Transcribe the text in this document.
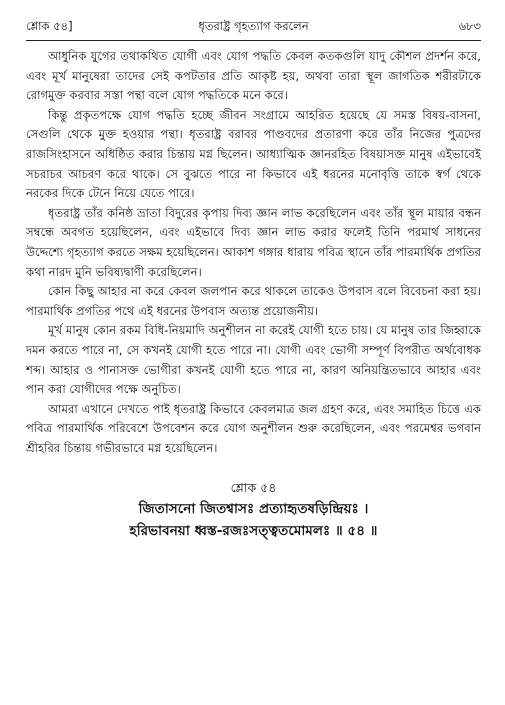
শ্লোক ৫৪]	ধৃতরাষ্ট্র গৃহত্যাগ করলেন	৬৮৩

আধুনিক যুগের তথাকথিত যোগী এবং যোগ পদ্ধতি কেবল কতকগুলি যাদু কৌশল প্রদর্শন করে, এবং মূর্খ মানুষেরা তাদের সেই কপটতার প্রতি আকৃষ্ট হয়, অথবা তারা স্থূল জাগতিক শরীরটাকে রোগমুক্ত করবার সস্তা পন্থা বলে যোগ পদ্ধতিকে মনে করে।

কিন্তু প্রকৃতপক্ষে যোগ পদ্ধতি হচ্ছে জীবন সংগ্রামে আহরিত হয়েছে যে সমস্ত বিষয়-বাসনা, সেগুলি থেকে মুক্ত হওয়ার পন্থা। ধৃতরাষ্ট্র বরাবর পাণ্ডবদের প্রতারণা করে তাঁর নিজের পুত্রদের রাজসিংহাসনে অধিষ্ঠিত করার চিন্তায় মগ্ন ছিলেন। আধ্যাত্মিক জ্ঞানরহিত বিষয়াসক্ত মানুষ এইভাবেই সচরাচর আচরণ করে থাকে। সে বুঝতে পারে না কিভাবে এই ধরনের মনোবৃত্তি তাকে স্বর্গ থেকে নরকের দিকে টেনে নিয়ে যেতে পারে।

ধৃতরাষ্ট্র তাঁর কনিষ্ঠ ভ্রাতা বিদুরের কৃপায় দিব্য জ্ঞান লাভ করেছিলেন এবং তাঁর স্থূল মায়ার বন্ধন সম্বন্ধে অবগত হয়েছিলেন, এবং এইভাবে দিব্য জ্ঞান লাভ করার ফলেই তিনি পরমার্থ সাধনের উদ্দেশ্যে গৃহত্যাগ করতে সক্ষম হয়েছিলেন। আকাশ গঙ্গার ধারায় পবিত্র স্থানে তাঁর পারমার্থিক প্রগতির কথা নারদ মুনি ভবিষ্যদ্বাণী করেছিলেন।

কোন কিছু আহার না করে কেবল জলপান করে থাকলে তাকেও উপবাস বলে বিবেচনা করা হয়। পারমার্থিক প্রগতির পথে এই ধরনের উপবাস অত্যন্ত প্রয়োজনীয়।

মূর্খ মানুষ কোন রকম বিধি-নিয়মাদি অনুশীলন না করেই যোগী হতে চায়। যে মানুষ তার জিহ্বাকে দমন করতে পারে না, সে কখনই যোগী হতে পারে না। যোগী এবং ভোগী সম্পূর্ণ বিপরীত অর্থবোধক শব্দ। আহার ও পানাসক্ত ভোগীরা কখনই যোগী হতে পারে না, কারণ অনিয়ন্ত্রিতভাবে আহার এবং পান করা যোগীদের পক্ষে অনুচিত।

আমরা এখানে দেখতে পাই ধৃতরাষ্ট্র কিভাবে কেবলমাত্র জল গ্রহণ করে, এবং সমাহিত চিত্তে এক পবিত্র পারমার্থিক পরিবেশে উপবেশন করে যোগ অনুশীলন শুরু করেছিলেন, এবং পরমেশ্বর ভগবান শ্রীহরির চিন্তায় গভীরভাবে মগ্ন হয়েছিলেন।

শ্লোক ৫৪
জিতাসনো জিতশ্বাসঃ প্রত্যাহৃতষড়িন্দ্রিয়ঃ ।
হরিভাবনয়া ধ্বস্ত-রজঃসত্ত্বতমোমলঃ ॥ ৫৪ ॥
